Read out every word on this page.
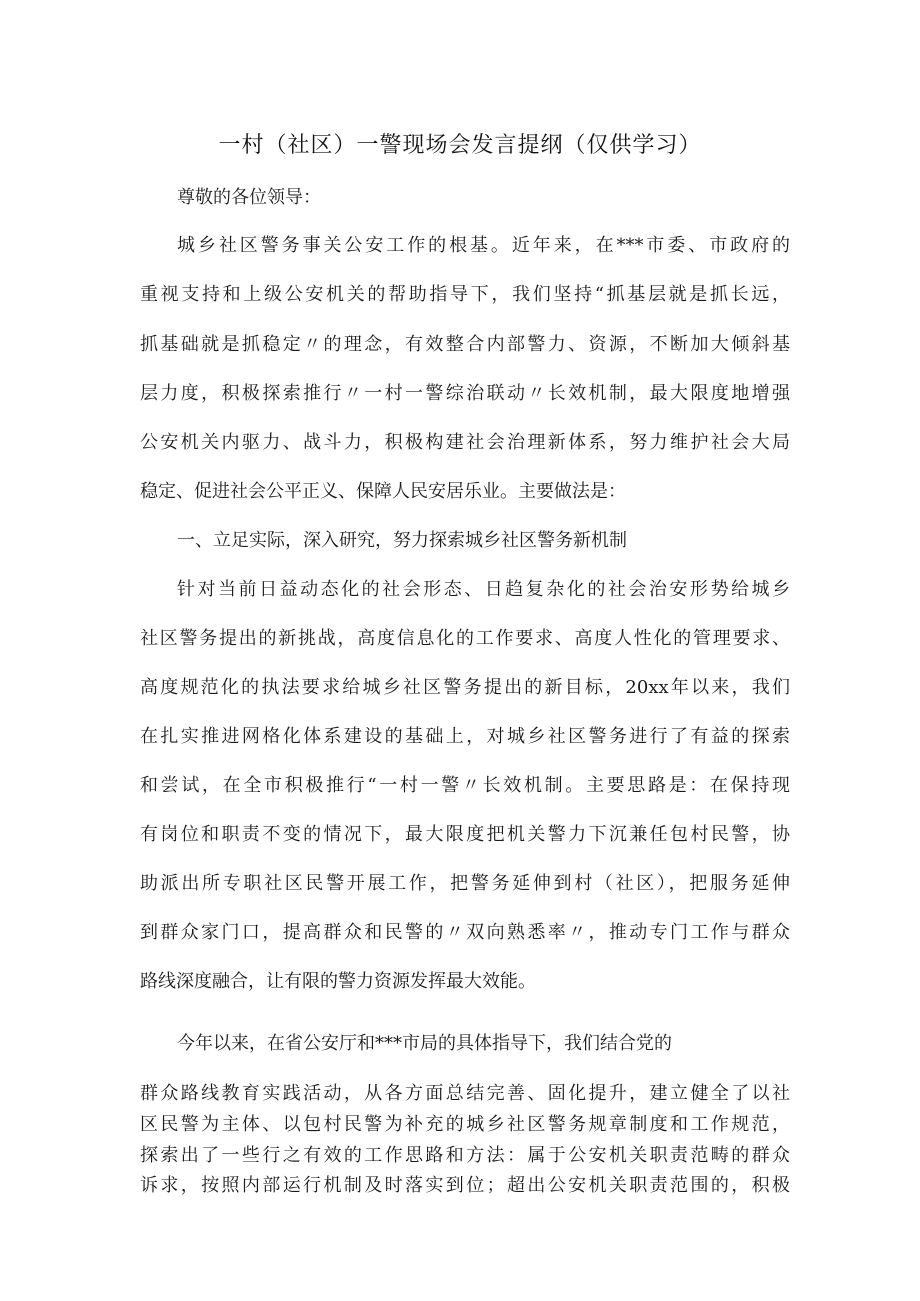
一村（社区）一警现场会发言提纲（仅供学习）
尊敬的各位领导：
城乡社区警务事关公安工作的根基。近年来，在***市委、市政府的
重视支持和上级公安机关的帮助指导下，我们坚持“抓基层就是抓长远，
抓基础就是抓稳定〃的理念，有效整合内部警力、资源，不断加大倾斜基
层力度，积极探索推行〃一村一警综治联动〃长效机制，最大限度地增强
公安机关内驱力、战斗力，积极构建社会治理新体系，努力维护社会大局
稳定、促进社会公平正义、保障人民安居乐业。主要做法是：
一、立足实际，深入研究，努力探索城乡社区警务新机制
针对当前日益动态化的社会形态、日趋复杂化的社会治安形势给城乡
社区警务提出的新挑战，高度信息化的工作要求、高度人性化的管理要求、
高度规范化的执法要求给城乡社区警务提出的新目标，20xx年以来，我们
在扎实推进网格化体系建设的基础上，对城乡社区警务进行了有益的探索
和尝试，在全市积极推行“一村一警〃长效机制。主要思路是：在保持现
有岗位和职责不变的情况下，最大限度把机关警力下沉兼任包村民警，协
助派出所专职社区民警开展工作，把警务延伸到村（社区），把服务延伸
到群众家门口，提高群众和民警的〃双向熟悉率〃，推动专门工作与群众
路线深度融合，让有限的警力资源发挥最大效能。
今年以来，在省公安厅和***市局的具体指导下，我们结合党的
群众路线教育实践活动，从各方面总结完善、固化提升，建立健全了以社
区民警为主体、以包村民警为补充的城乡社区警务规章制度和工作规范，
探索出了一些行之有效的工作思路和方法：属于公安机关职责范畴的群众
诉求，按照内部运行机制及时落实到位；超出公安机关职责范围的，积极
